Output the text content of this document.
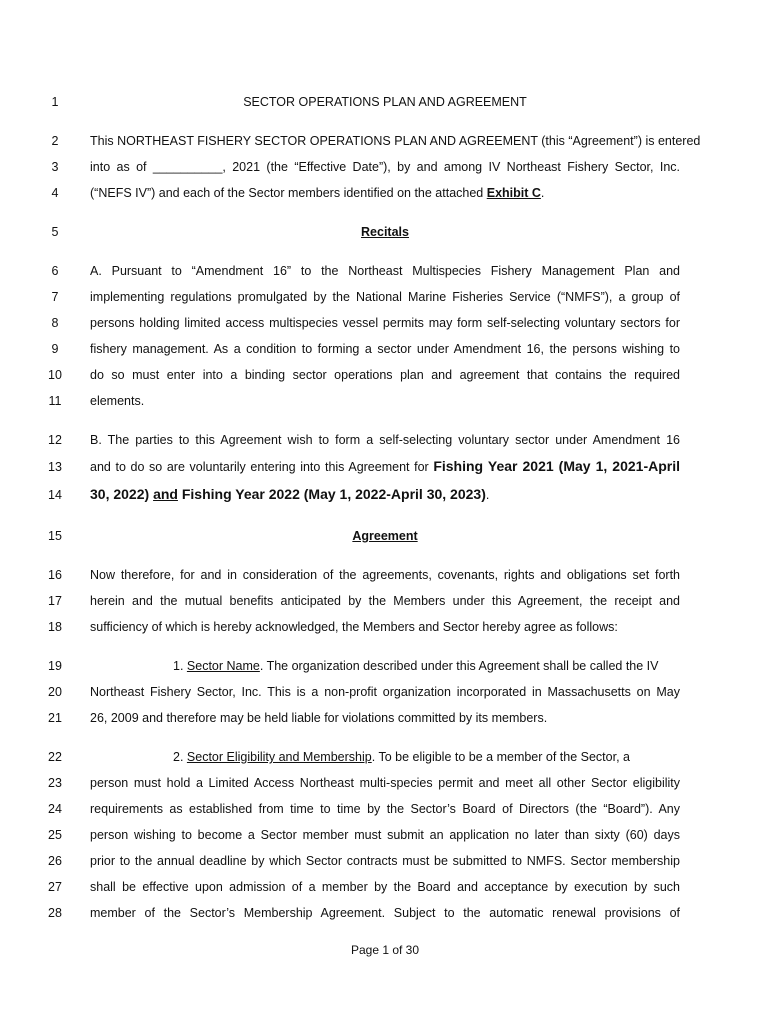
1
2
3
4
5
6
7
8
9
10
11
12
13
14
15
16
17
18
19
20
21
22
23
24
25
26
27
28
SECTOR OPERATIONS PLAN AND AGREEMENT
This NORTHEAST FISHERY SECTOR OPERATIONS PLAN AND AGREEMENT (this “Agreement”) is entered
into as of __________, 2021 (the “Effective Date”), by and among IV Northeast Fishery Sector, Inc.
(“NEFS IV”) and each of the Sector members identified on the attached Exhibit C.
Recitals
A. Pursuant to “Amendment 16” to the Northeast Multispecies Fishery Management Plan and
implementing regulations promulgated by the National Marine Fisheries Service (“NMFS”), a group of
persons holding limited access multispecies vessel permits may form self-selecting voluntary sectors for
fishery management. As a condition to forming a sector under Amendment 16, the persons wishing to
do so must enter into a binding sector operations plan and agreement that contains the required
elements.
B. The parties to this Agreement wish to form a self-selecting voluntary sector under Amendment 16
and to do so are voluntarily entering into this Agreement for Fishing Year 2021 (May 1, 2021-April
30, 2022) and Fishing Year 2022 (May 1, 2022-April 30, 2023).
Agreement
Now therefore, for and in consideration of the agreements, covenants, rights and obligations set forth
herein and the mutual benefits anticipated by the Members under this Agreement, the receipt and
sufficiency of which is hereby acknowledged, the Members and Sector hereby agree as follows:
1. Sector Name. The organization described under this Agreement shall be called the IV
Northeast Fishery Sector, Inc. This is a non-profit organization incorporated in Massachusetts on May
26, 2009 and therefore may be held liable for violations committed by its members.
2. Sector Eligibility and Membership. To be eligible to be a member of the Sector, a
person must hold a Limited Access Northeast multi-species permit and meet all other Sector eligibility
requirements as established from time to time by the Sector’s Board of Directors (the “Board”). Any
person wishing to become a Sector member must submit an application no later than sixty (60) days
prior to the annual deadline by which Sector contracts must be submitted to NMFS. Sector membership
shall be effective upon admission of a member by the Board and acceptance by execution by such
member of the Sector’s Membership Agreement. Subject to the automatic renewal provisions of
Page 1 of 30
